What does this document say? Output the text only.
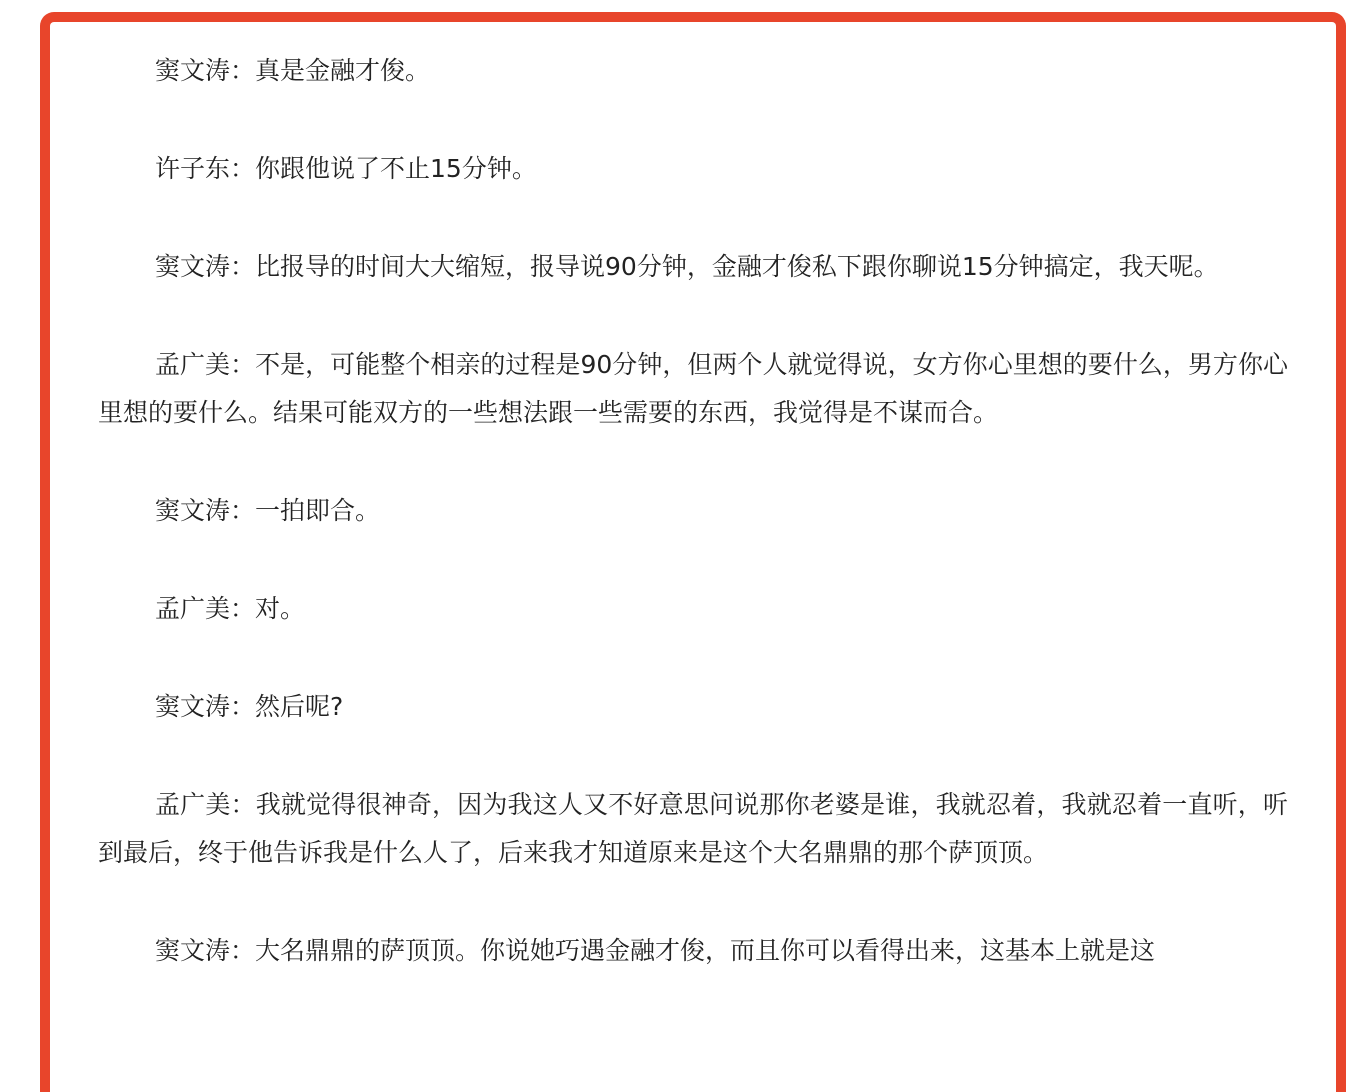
窦文涛：真是金融才俊。

许子东：你跟他说了不止15分钟。

窦文涛：比报导的时间大大缩短，报导说90分钟，金融才俊私下跟你聊说15分钟搞定，我天呢。

孟广美：不是，可能整个相亲的过程是90分钟，但两个人就觉得说，女方你心里想的要什么，男方你心里想的要什么。结果可能双方的一些想法跟一些需要的东西，我觉得是不谋而合。

窦文涛：一拍即合。

孟广美：对。

窦文涛：然后呢?

孟广美：我就觉得很神奇，因为我这人又不好意思问说那你老婆是谁，我就忍着，我就忍着一直听，听到最后，终于他告诉我是什么人了，后来我才知道原来是这个大名鼎鼎的那个萨顶顶。

窦文涛：大名鼎鼎的萨顶顶。你说她巧遇金融才俊，而且你可以看得出来，这基本上就是这
